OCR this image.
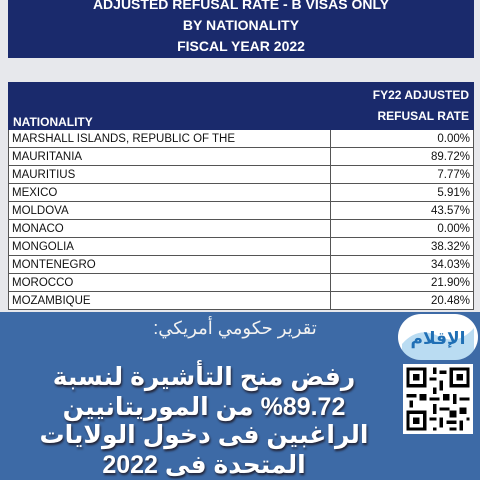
ADJUSTED REFUSAL RATE - B VISAS ONLY
BY NATIONALITY
FISCAL YEAR 2022
NATIONALITY	FY22 ADJUSTED
REFUSAL RATE

MARSHALL ISLANDS, REPUBLIC OF THE	0.00%
MAURITANIA	89.72%
MAURITIUS	7.77%
MEXICO	5.91%
MOLDOVA	43.57%
MONACO	0.00%
MONGOLIA	38.32%
MONTENEGRO	34.03%
MOROCCO	21.90%
MOZAMBIQUE	20.48%
تقرير حكومي أمريكي:
رفض منح التأشيرة لنسبة 89.72% من الموريتانيين
الراغبين فى دخول الولايات المتحدة فى 2022
الإقلام
